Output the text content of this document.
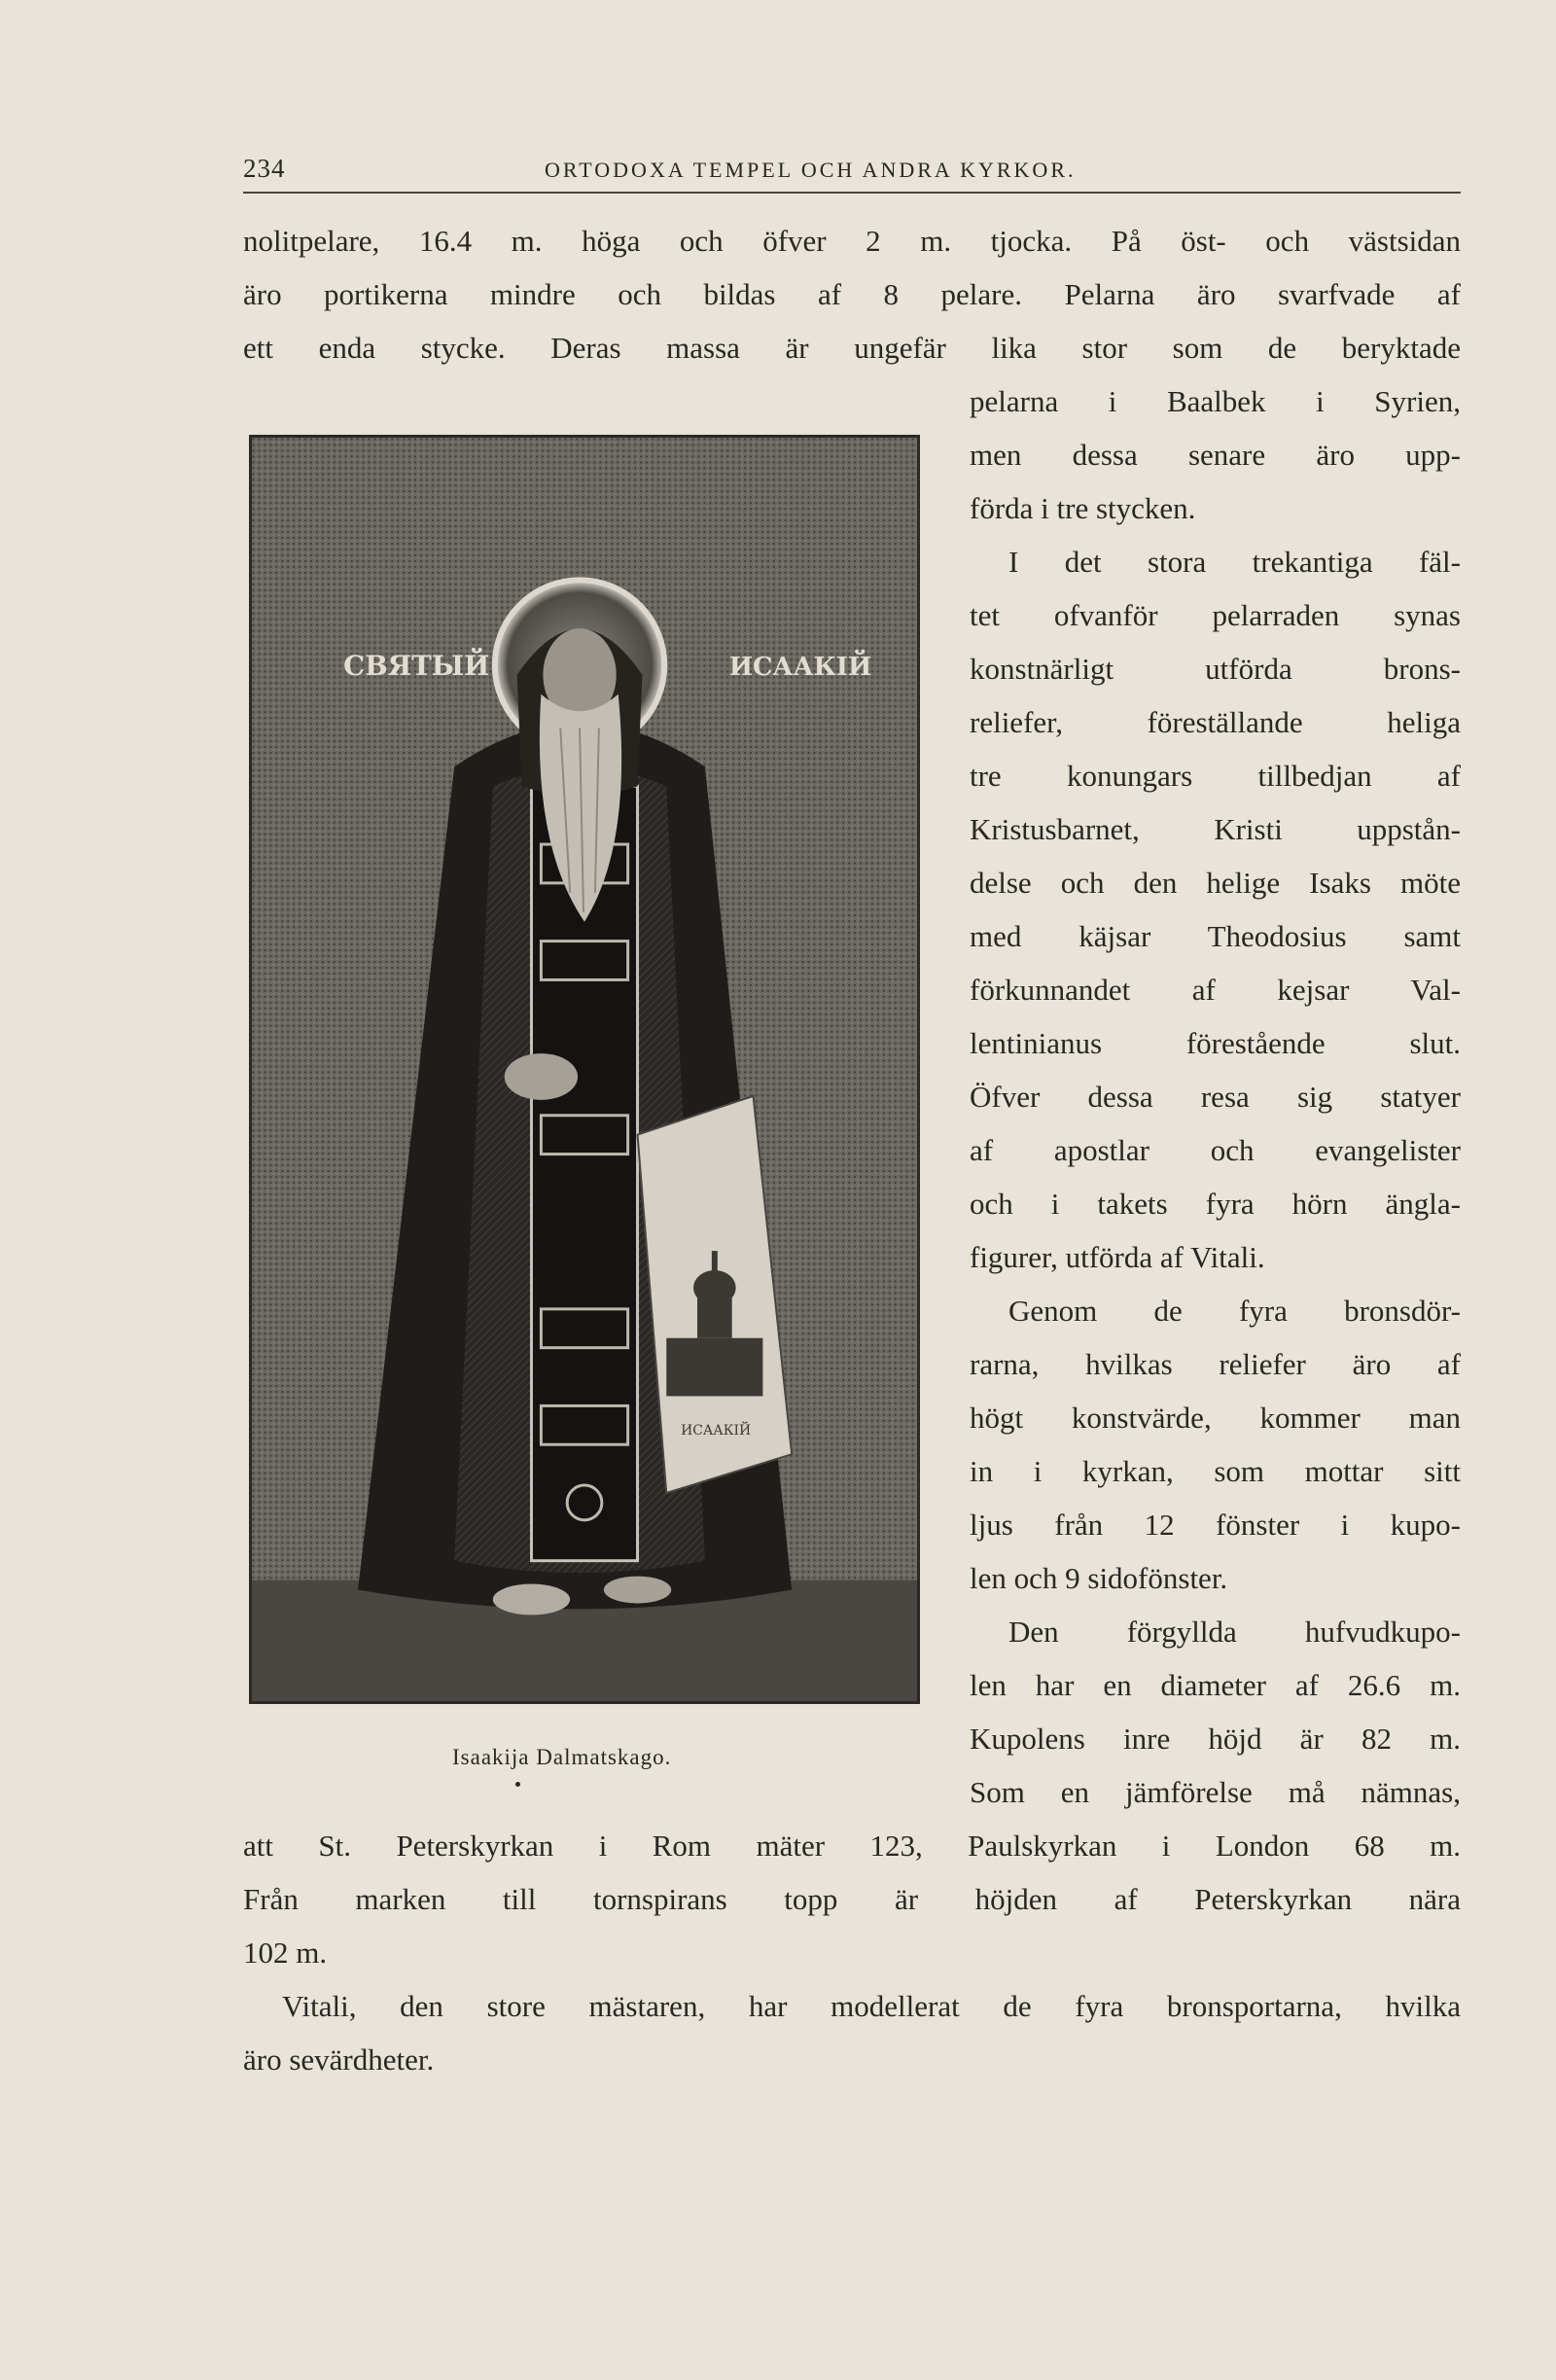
234	ORTODOXA TEMPEL OCH ANDRA KYRKOR.
nolitpelare, 16.4 m. höga och öfver 2 m. tjocka. På öst- och västsidan
äro portikerna mindre och bildas af 8 pelare. Pelarna äro svarfvade af
ett enda stycke. Deras massa är ungefär lika stor som de beryktade
pelarna i Baalbek i Syrien,
men dessa senare äro upp-
förda i tre stycken.
I det stora trekantiga fäl-
tet ofvanför pelarraden synas
konstnärligt utförda brons-
reliefer, föreställande heliga
tre konungars tillbedjan af
Kristusbarnet, Kristi uppstån-
delse och den helige Isaks möte
med käjsar Theodosius samt
förkunnandet af kejsar Val-
lentinianus förestående slut.
Öfver dessa resa sig statyer
af apostlar och evangelister
och i takets fyra hörn ängla-
figurer, utförda af Vitali.
Genom de fyra bronsdör-
rarna, hvilkas reliefer äro af
högt konstvärde, kommer man
in i kyrkan, som mottar sitt
ljus från 12 fönster i kupo-
len och 9 sidofönster.
Den förgyllda hufvudkupo-
len har en diameter af 26.6 m.
Kupolens inre höjd är 82 m.
Som en jämförelse må nämnas,
att St. Peterskyrkan i Rom mäter 123, Paulskyrkan i London 68 m.
Från marken till tornspirans topp är höjden af Peterskyrkan nära
102 m.
Vitali, den store mästaren, har modellerat de fyra bronsportarna, hvilka
äro sevärdheter.
СВЯТЫЙ	ИСААКІЙ
ИСААКІЙ
Isaakija Dalmatskago.
